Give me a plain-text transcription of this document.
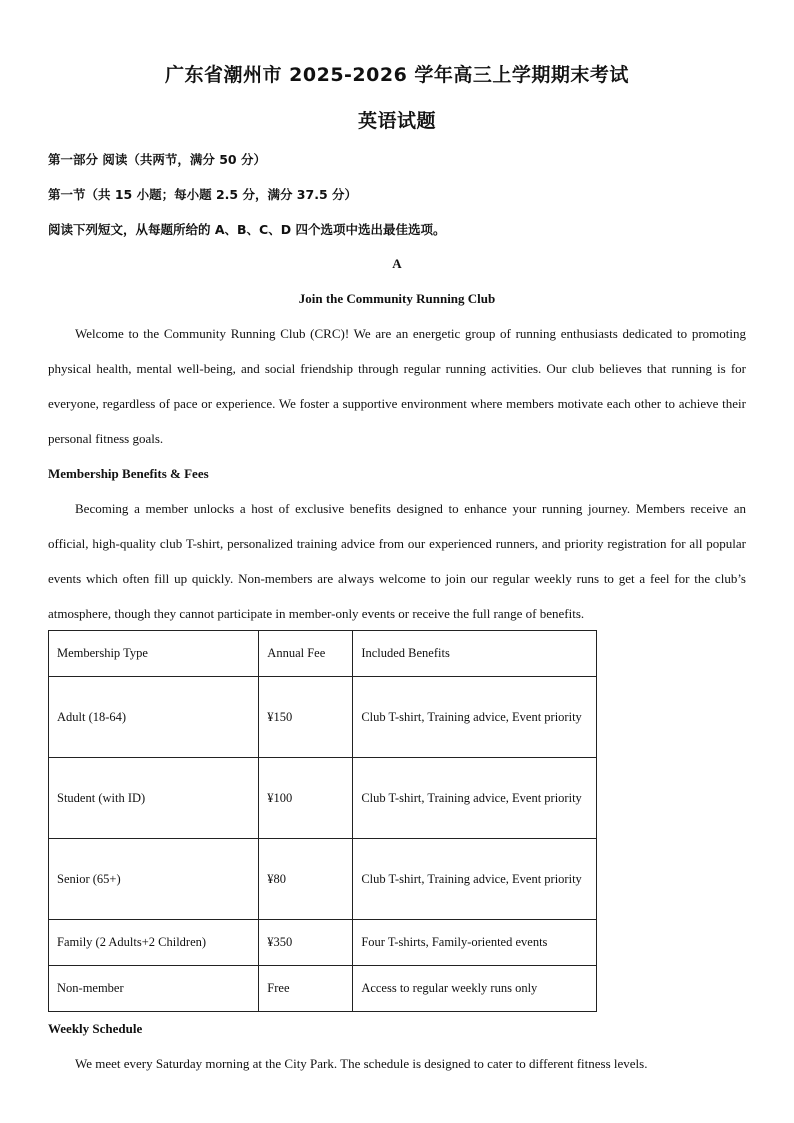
广东省潮州市 2025-2026 学年高三上学期期末考试
英语试题
第一部分 阅读（共两节，满分 50 分）
第一节（共 15 小题；每小题 2.5 分，满分 37.5 分）
阅读下列短文，从每题所给的 A、B、C、D 四个选项中选出最佳选项。
A
Join the Community Running Club

Welcome to the Community Running Club (CRC)! We are an energetic group of running enthusiasts dedicated to promoting physical health, mental well-being, and social friendship through regular running activities. Our club believes that running is for everyone, regardless of pace or experience. We foster a supportive environment where members motivate each other to achieve their personal fitness goals.

Membership Benefits & Fees

Becoming a member unlocks a host of exclusive benefits designed to enhance your running journey. Members receive an official, high-quality club T-shirt, personalized training advice from our experienced runners, and priority registration for all popular events which often fill up quickly. Non-members are always welcome to join our regular weekly runs to get a feel for the club’s atmosphere, though they cannot participate in member-only events or receive the full range of benefits.

Membership Type	Annual Fee	Included Benefits
Adult (18-64)	¥150	Club T-shirt, Training advice, Event priority
Student (with ID)	¥100	Club T-shirt, Training advice, Event priority
Senior (65+)	¥80	Club T-shirt, Training advice, Event priority
Family (2 Adults+2 Children)	¥350	Four T-shirts, Family-oriented events
Non-member	Free	Access to regular weekly runs only
Weekly Schedule

We meet every Saturday morning at the City Park. The schedule is designed to cater to different fitness levels.
